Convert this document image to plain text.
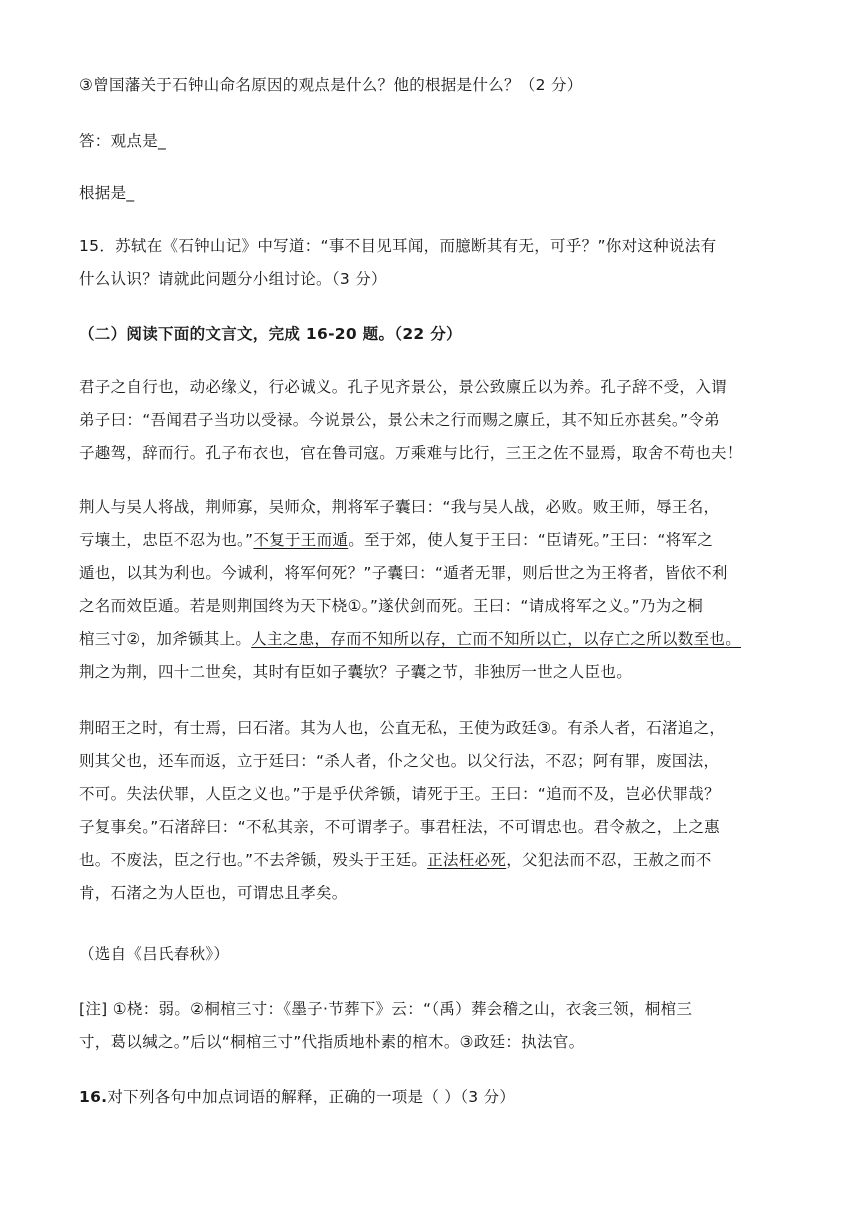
③曾国藩关于石钟山命名原因的观点是什么？他的根据是什么？（2 分）

答：观点是_

根据是_

15．苏轼在《石钟山记》中写道：“事不目见耳闻，而臆断其有无，可乎？”你对这种说法有
什么认识？请就此问题分小组讨论。（3 分）

（二）阅读下面的文言文，完成 16-20 题。（22 分）

君子之自行也，动必缘义，行必诚义。孔子见齐景公，景公致廪丘以为养。孔子辞不受，入谓
弟子曰：“吾闻君子当功以受禄。今说景公，景公未之行而赐之廪丘，其不知丘亦甚矣。”令弟
子趣驾，辞而行。孔子布衣也，官在鲁司寇。万乘难与比行，三王之佐不显焉，取舍不苟也夫！
荆人与吴人将战，荆师寡，吴师众，荆将军子囊曰：“我与吴人战，必败。败王师，辱王名，
亏壤土，忠臣不忍为也。”不复于王而遁。至于郊，使人复于王曰：“臣请死。”王曰：“将军之
遁也，以其为利也。今诚利，将军何死？”子囊曰：“遁者无罪，则后世之为王将者，皆依不利
之名而效臣遁。若是则荆国终为天下桡①。”遂伏剑而死。王曰：“请成将军之义。”乃为之桐
棺三寸②，加斧锧其上。人主之患，存而不知所以存，亡而不知所以亡，以存亡之所以数至也。
荆之为荆，四十二世矣，其时有臣如子囊欤？子囊之节，非独厉一世之人臣也。
荆昭王之时，有士焉，曰石渚。其为人也，公直无私，王使为政廷③。有杀人者，石渚追之，
则其父也，还车而返，立于廷曰：“杀人者，仆之父也。以父行法，不忍；阿有罪，废国法，
不可。失法伏罪，人臣之义也。”于是乎伏斧锧，请死于王。王曰：“追而不及，岂必伏罪哉？
子复事矣。”石渚辞曰：“不私其亲，不可谓孝子。事君枉法，不可谓忠也。君令赦之，上之惠
也。不废法，臣之行也。”不去斧锧，殁头于王廷。正法枉必死，父犯法而不忍，王赦之而不
肯，石渚之为人臣也，可谓忠且孝矣。

（选自《吕氏春秋》）

[注] ①桡：弱。②桐棺三寸：《墨子·节葬下》云：“（禹）葬会稽之山，衣衾三领，桐棺三
寸，葛以缄之。”后以“桐棺三寸”代指质地朴素的棺木。③政廷：执法官。

16.对下列各句中加点词语的解释，正确的一项是（ ）（3 分）
